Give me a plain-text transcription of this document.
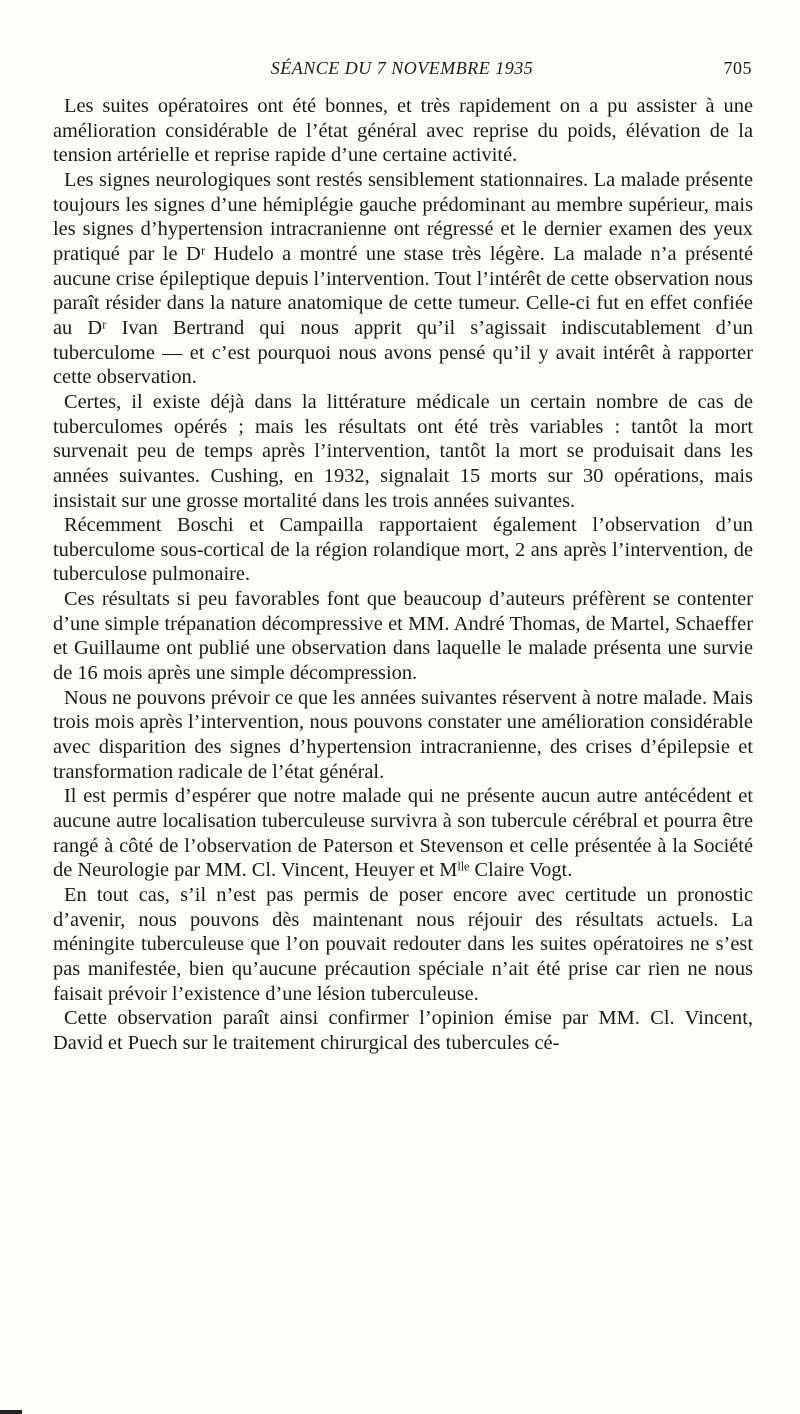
SÉANCE DU 7 NOVEMBRE 1935	705

Les suites opératoires ont été bonnes, et très rapidement on a pu assister à une amélioration considérable de l’état général avec reprise du poids, élévation de la tension artérielle et reprise rapide d’une certaine activité.

Les signes neurologiques sont restés sensiblement stationnaires. La malade présente toujours les signes d’une hémiplégie gauche prédominant au membre supérieur, mais les signes d’hypertension intracranienne ont régressé et le dernier examen des yeux pratiqué par le Dʳ Hudelo a montré une stase très légère. La malade n’a présenté aucune crise épileptique depuis l’intervention. Tout l’intérêt de cette observation nous paraît résider dans la nature anatomique de cette tumeur. Celle-ci fut en effet confiée au Dʳ Ivan Bertrand qui nous apprit qu’il s’agissait indiscutablement d’un tuberculome — et c’est pourquoi nous avons pensé qu’il y avait intérêt à rapporter cette observation.

Certes, il existe déjà dans la littérature médicale un certain nombre de cas de tuberculomes opérés ; mais les résultats ont été très variables : tantôt la mort survenait peu de temps après l’intervention, tantôt la mort se produisait dans les années suivantes. Cushing, en 1932, signalait 15 morts sur 30 opérations, mais insistait sur une grosse mortalité dans les trois années suivantes.

Récemment Boschi et Campailla rapportaient également l’observation d’un tuberculome sous-cortical de la région rolandique mort, 2 ans après l’intervention, de tuberculose pulmonaire.

Ces résultats si peu favorables font que beaucoup d’auteurs préfèrent se contenter d’une simple trépanation décompressive et MM. André Thomas, de Martel, Schaeffer et Guillaume ont publié une observation dans laquelle le malade présenta une survie de 16 mois après une simple décompression.

Nous ne pouvons prévoir ce que les années suivantes réservent à notre malade. Mais trois mois après l’intervention, nous pouvons constater une amélioration considérable avec disparition des signes d’hypertension intracranienne, des crises d’épilepsie et transformation radicale de l’état général.

Il est permis d’espérer que notre malade qui ne présente aucun autre antécédent et aucune autre localisation tuberculeuse survivra à son tubercule cérébral et pourra être rangé à côté de l’observation de Paterson et Stevenson et celle présentée à la Société de Neurologie par MM. Cl. Vincent, Heuyer et Mˡˡᵉ Claire Vogt.

En tout cas, s’il n’est pas permis de poser encore avec certitude un pronostic d’avenir, nous pouvons dès maintenant nous réjouir des résultats actuels. La méningite tuberculeuse que l’on pouvait redouter dans les suites opératoires ne s’est pas manifestée, bien qu’aucune précaution spéciale n’ait été prise car rien ne nous faisait prévoir l’existence d’une lésion tuberculeuse.

Cette observation paraît ainsi confirmer l’opinion émise par MM. Cl. Vincent, David et Puech sur le traitement chirurgical des tubercules cé-
